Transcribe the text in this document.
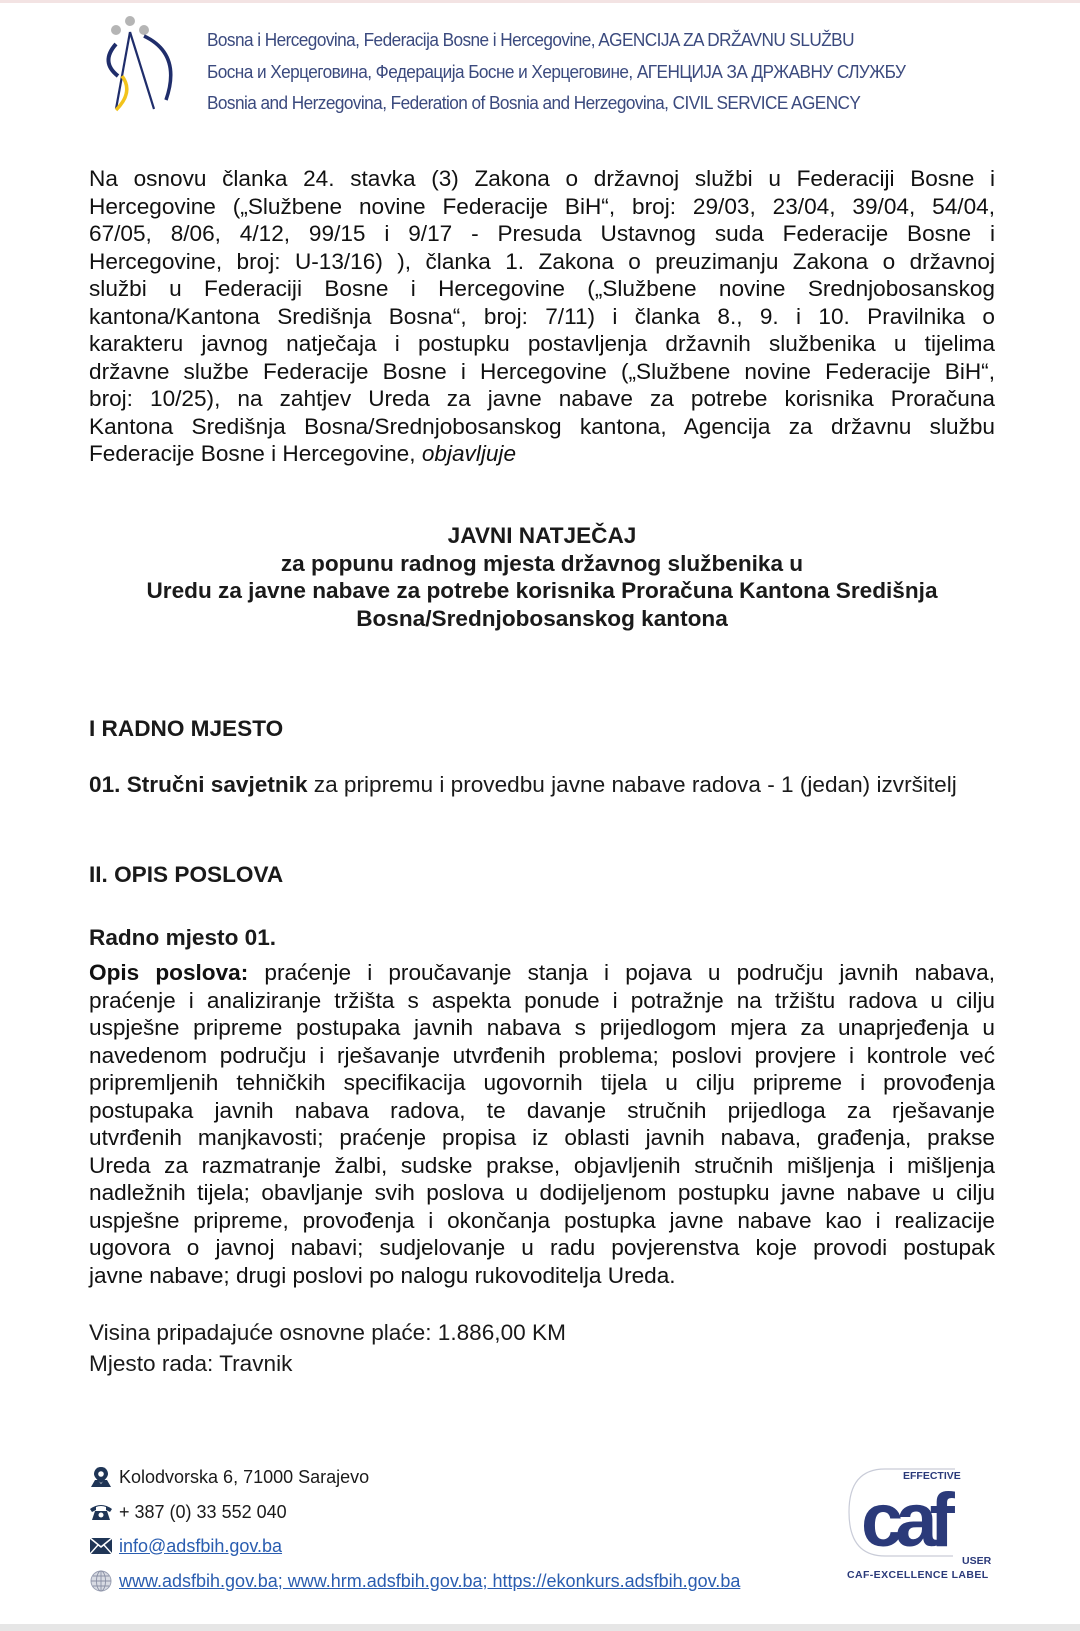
Bosna i Hercegovina, Federacija Bosne i Hercegovine, AGENCIJA ZA DRŽAVNU SLUŽBU
Босна и Херцеговина, Федерација Босне и Херцеговине, АГЕНЦИЈА ЗА ДРЖАВНУ СЛУЖБУ
Bosnia and Herzegovina, Federation of Bosnia and Herzegovina, CIVIL SERVICE AGENCY
Na osnovu članka 24. stavka (3) Zakona o državnoj službi u Federaciji Bosne i
Hercegovine („Službene novine Federacije BiH“, broj: 29/03, 23/04, 39/04, 54/04,
67/05, 8/06, 4/12, 99/15 i 9/17 - Presuda Ustavnog suda Federacije Bosne i
Hercegovine, broj: U-13/16) ), članka 1. Zakona o preuzimanju Zakona o državnoj
službi u Federaciji Bosne i Hercegovine („Službene novine Srednjobosanskog
kantona/Kantona Središnja Bosna“, broj: 7/11) i članka 8., 9. i 10. Pravilnika o
karakteru javnog natječaja i postupku postavljenja državnih službenika u tijelima
državne službe Federacije Bosne i Hercegovine („Službene novine Federacije BiH“,
broj: 10/25), na zahtjev Ureda za javne nabave za potrebe korisnika Proračuna
Kantona Središnja Bosna/Srednjobosanskog kantona, Agencija za državnu službu
Federacije Bosne i Hercegovine, objavljuje
JAVNI NATJEČAJ
za popunu radnog mjesta državnog službenika u
Uredu za javne nabave za potrebe korisnika Proračuna Kantona Središnja
Bosna/Srednjobosanskog kantona
I RADNO MJESTO
01. Stručni savjetnik za pripremu i provedbu javne nabave radova - 1 (jedan) izvršitelj
II. OPIS POSLOVA
Radno mjesto 01.
Opis poslova: praćenje i proučavanje stanja i pojava u području javnih nabava,
praćenje i analiziranje tržišta s aspekta ponude i potražnje na tržištu radova u cilju
uspješne pripreme postupaka javnih nabava s prijedlogom mjera za unaprjeđenja u
navedenom području i rješavanje utvrđenih problema; poslovi provjere i kontrole već
pripremljenih tehničkih specifikacija ugovornih tijela u cilju pripreme i provođenja
postupaka javnih nabava radova, te davanje stručnih prijedloga za rješavanje
utvrđenih manjkavosti; praćenje propisa iz oblasti javnih nabava, građenja, prakse
Ureda za razmatranje žalbi, sudske prakse, objavljenih stručnih mišljenja i mišljenja
nadležnih tijela; obavljanje svih poslova u dodijeljenom postupku javne nabave u cilju
uspješne pripreme, provođenja i okončanja postupka javne nabave kao i realizacije
ugovora o javnoj nabavi; sudjelovanje u radu povjerenstva koje provodi postupak
javne nabave; drugi poslovi po nalogu rukovoditelja Ureda.
Visina pripadajuće osnovne plaće: 1.886,00 KM
Mjesto rada: Travnik
Kolodvorska 6, 71000 Sarajevo
+ 387 (0) 33 552 040
info@adsfbih.gov.ba
www.adsfbih.gov.ba; www.hrm.adsfbih.gov.ba; https://ekonkurs.adsfbih.gov.ba
EFFECTIVE
caf	USER
CAF-EXCELLENCE LABEL
